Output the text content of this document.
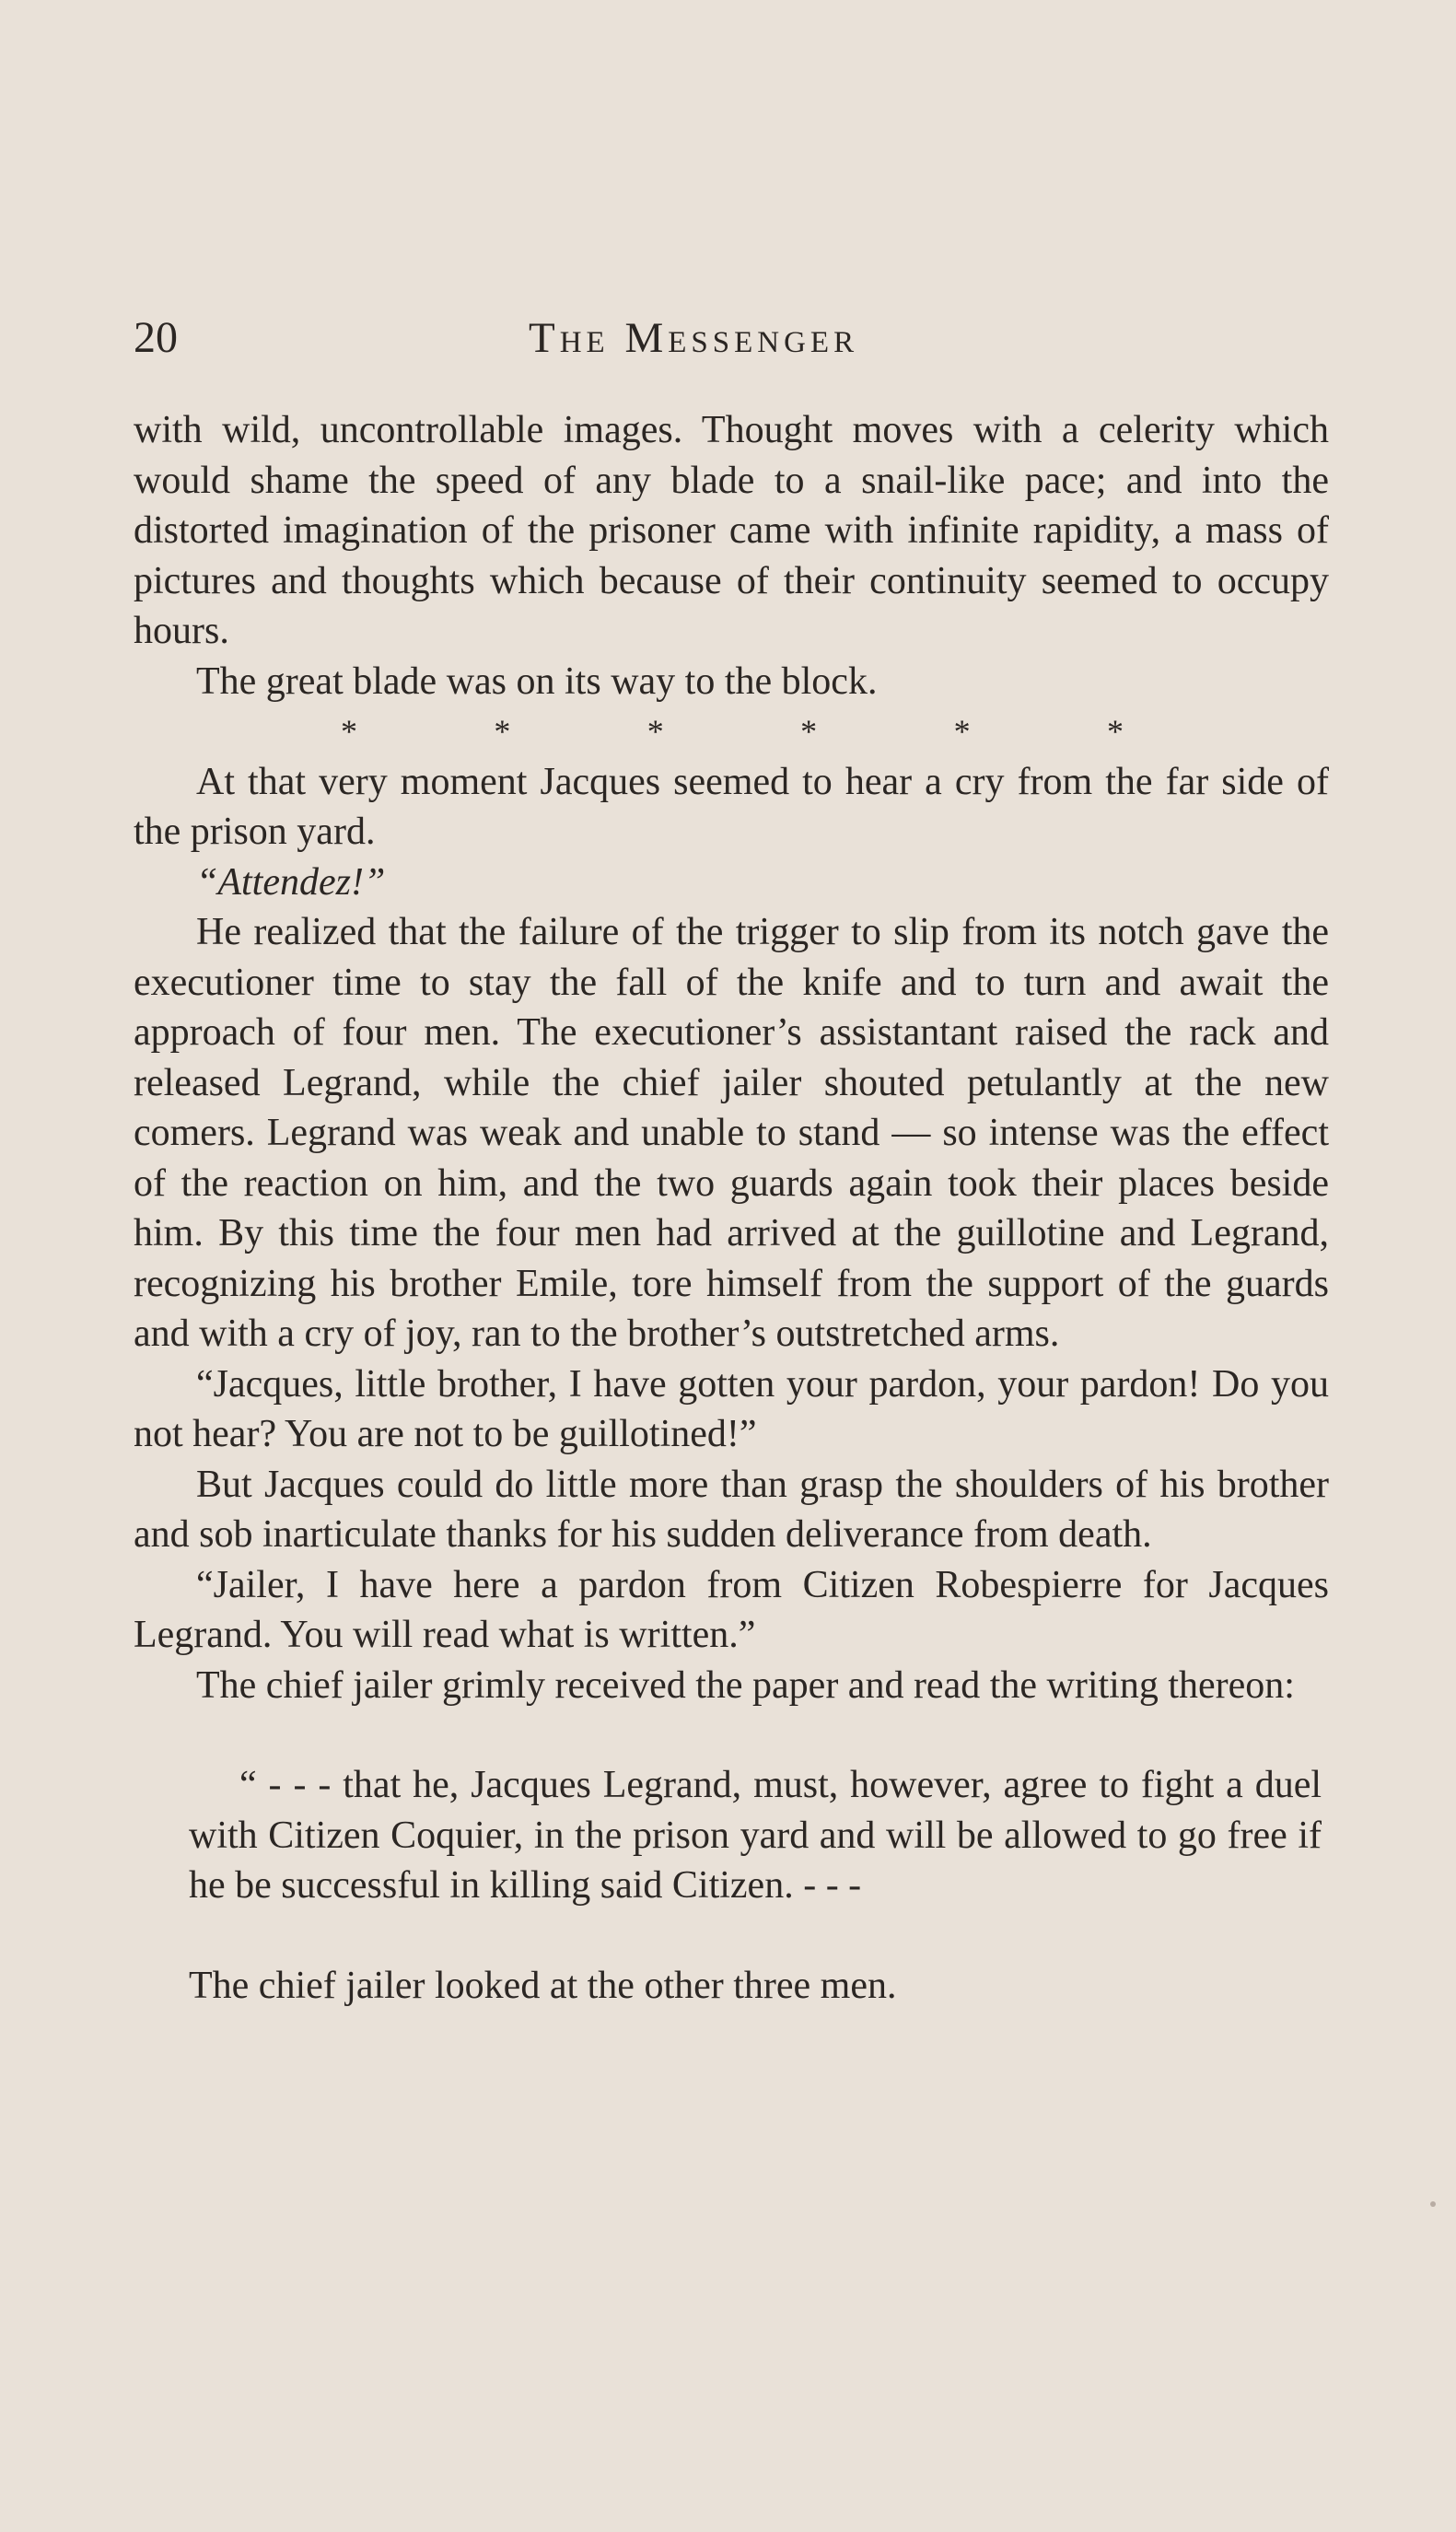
20	The Messenger

with wild, uncontrollable images. Thought moves with a celerity which would shame the speed of any blade to a snail-like pace; and into the distorted imagination of the prisoner came with infinite rapidity, a mass of pictures and thoughts which because of their continuity seemed to occupy hours.

The great blade was on its way to the block.

*	*	*	*	*	*

At that very moment Jacques seemed to hear a cry from the far side of the prison yard.

“Attendez!”

He realized that the failure of the trigger to slip from its notch gave the executioner time to stay the fall of the knife and to turn and await the approach of four men. The executioner’s assistantant raised the rack and released Legrand, while the chief jailer shouted petulantly at the new comers. Legrand was weak and unable to stand — so intense was the effect of the reaction on him, and the two guards again took their places beside him. By this time the four men had arrived at the guillotine and Legrand, recognizing his brother Emile, tore himself from the support of the guards and with a cry of joy, ran to the brother’s outstretched arms.

“Jacques, little brother, I have gotten your pardon, your pardon! Do you not hear? You are not to be guillotined!”

But Jacques could do little more than grasp the shoulders of his brother and sob inarticulate thanks for his sudden deliverance from death.

“Jailer, I have here a pardon from Citizen Robespierre for Jacques Legrand. You will read what is written.”

The chief jailer grimly received the paper and read the writing thereon:

“ - - - that he, Jacques Legrand, must, however, agree to fight a duel with Citizen Coquier, in the prison yard and will be allowed to go free if he be successful in killing said Citizen. - - -

The chief jailer looked at the other three men.
